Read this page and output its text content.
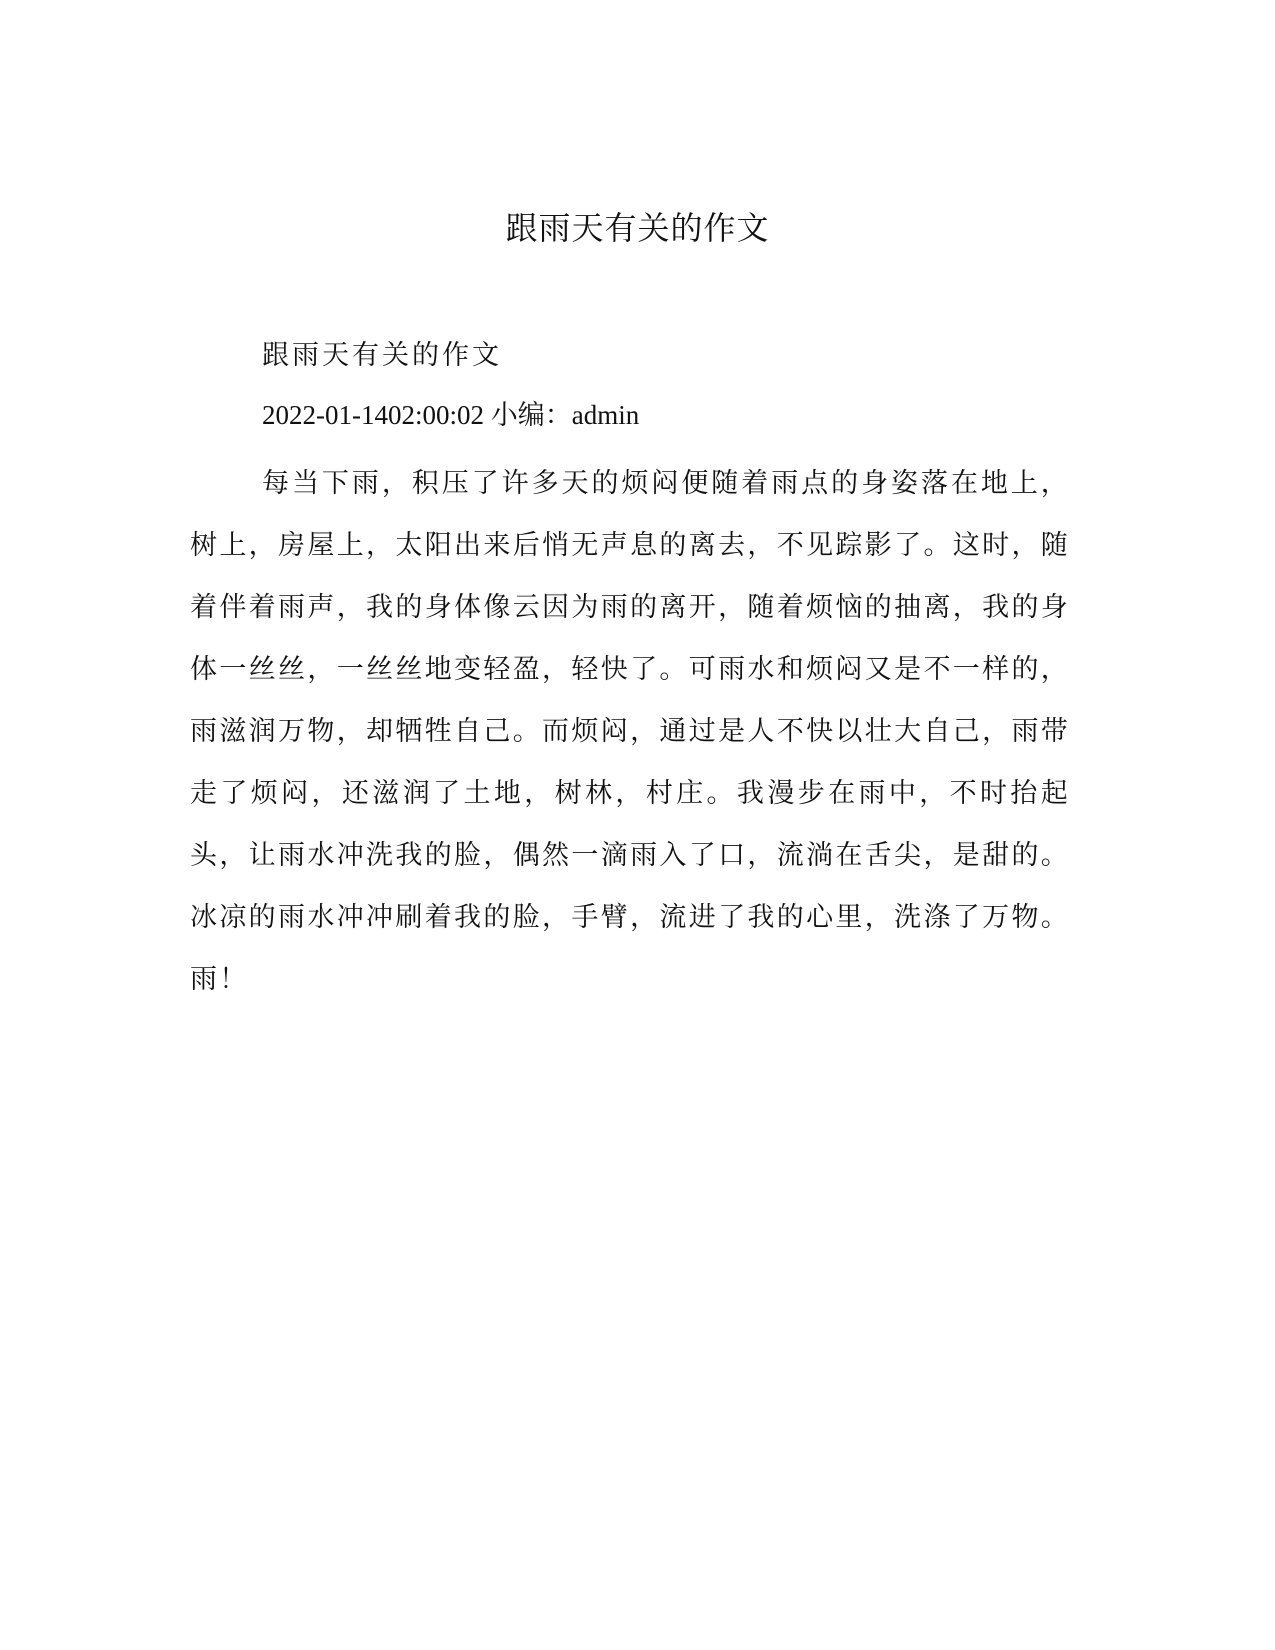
跟雨天有关的作文

跟雨天有关的作文

2022-01-1402:00:02 小编：admin

每当下雨，积压了许多天的烦闷便随着雨点的身姿落在地上，树上，房屋上，太阳出来后悄无声息的离去，不见踪影了。这时，随着伴着雨声，我的身体像云因为雨的离开，随着烦恼的抽离，我的身体一丝丝，一丝丝地变轻盈，轻快了。可雨水和烦闷又是不一样的，雨滋润万物，却牺牲自己。而烦闷，通过是人不快以壮大自己，雨带走了烦闷，还滋润了土地，树林，村庄。我漫步在雨中，不时抬起头，让雨水冲洗我的脸，偶然一滴雨入了口，流淌在舌尖，是甜的。冰凉的雨水冲冲刷着我的脸，手臂，流进了我的心里，洗涤了万物。雨！
